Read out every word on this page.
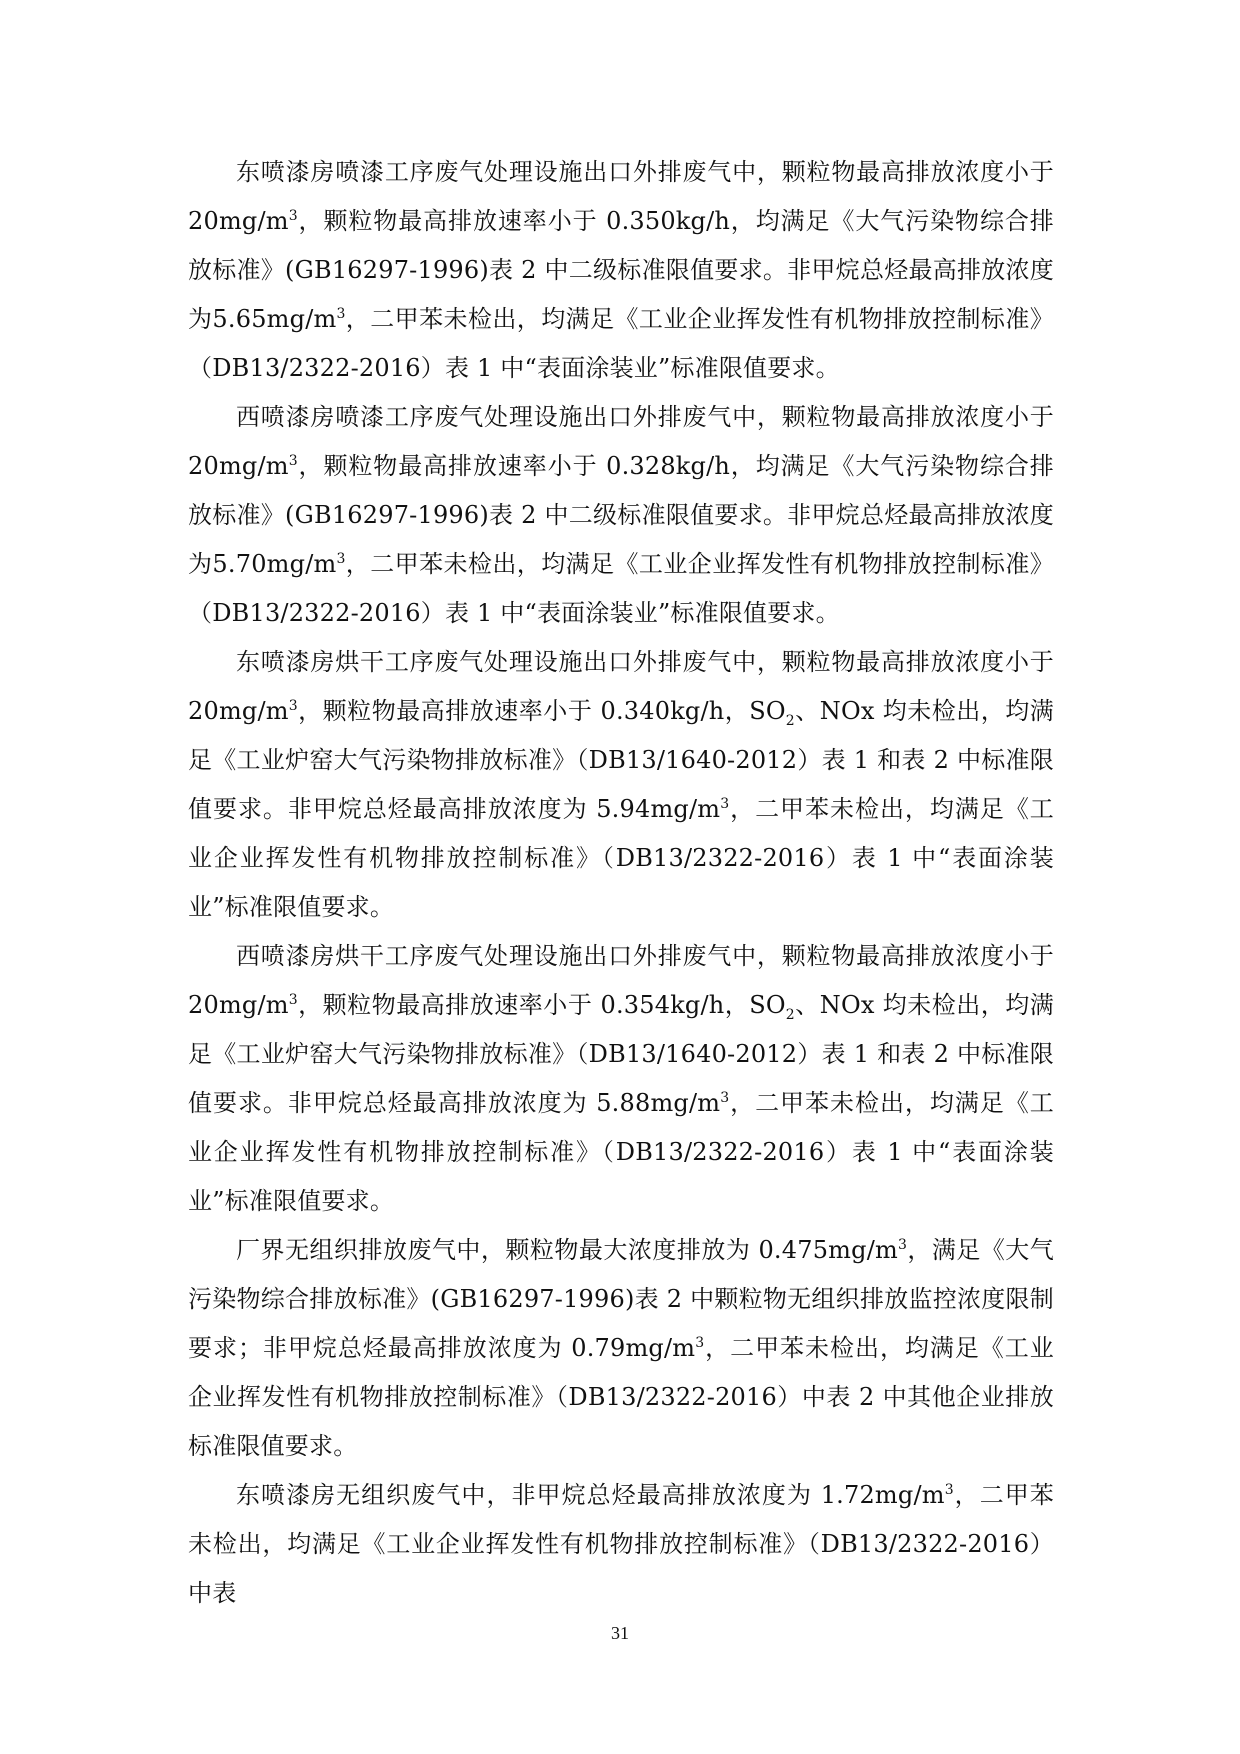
东喷漆房喷漆工序废气处理设施出口外排废气中，颗粒物最高排放浓度小于$20mg/m^3$，颗粒物最高排放速率小于 0.350kg/h，均满足《大气污染物综合排放标准》(GB16297-1996)表 2 中二级标准限值要求。非甲烷总烃最高排放浓度为$5.65mg/m^3$，二甲苯未检出，均满足《工业企业挥发性有机物排放控制标准》（DB13/2322-2016）表 1 中“表面涂装业”标准限值要求。

西喷漆房喷漆工序废气处理设施出口外排废气中，颗粒物最高排放浓度小于$20mg/m^3$，颗粒物最高排放速率小于 0.328kg/h，均满足《大气污染物综合排放标准》(GB16297-1996)表 2 中二级标准限值要求。非甲烷总烃最高排放浓度为$5.70mg/m^3$，二甲苯未检出，均满足《工业企业挥发性有机物排放控制标准》（DB13/2322-2016）表 1 中“表面涂装业”标准限值要求。

东喷漆房烘干工序废气处理设施出口外排废气中，颗粒物最高排放浓度小于$20mg/m^3$，颗粒物最高排放速率小于 0.340kg/h，$SO_2$、NOx 均未检出，均满足《工业炉窑大气污染物排放标准》（DB13/1640-2012）表 1 和表 2 中标准限值要求。非甲烷总烃最高排放浓度为 $5.94mg/m^3$，二甲苯未检出，均满足《工业企业挥发性有机物排放控制标准》（DB13/2322-2016）表 1 中“表面涂装业”标准限值要求。

西喷漆房烘干工序废气处理设施出口外排废气中，颗粒物最高排放浓度小于$20mg/m^3$，颗粒物最高排放速率小于 0.354kg/h，$SO_2$、NOx 均未检出，均满足《工业炉窑大气污染物排放标准》（DB13/1640-2012）表 1 和表 2 中标准限值要求。非甲烷总烃最高排放浓度为 $5.88mg/m^3$，二甲苯未检出，均满足《工业企业挥发性有机物排放控制标准》（DB13/2322-2016）表 1 中“表面涂装业”标准限值要求。

厂界无组织排放废气中，颗粒物最大浓度排放为 $0.475mg/m^3$，满足《大气污染物综合排放标准》(GB16297-1996)表 2 中颗粒物无组织排放监控浓度限制要求；非甲烷总烃最高排放浓度为 $0.79mg/m^3$，二甲苯未检出，均满足《工业企业挥发性有机物排放控制标准》（DB13/2322-2016）中表 2 中其他企业排放标准限值要求。

东喷漆房无组织废气中，非甲烷总烃最高排放浓度为 $1.72mg/m^3$，二甲苯未检出，均满足《工业企业挥发性有机物排放控制标准》（DB13/2322-2016）中表

31
